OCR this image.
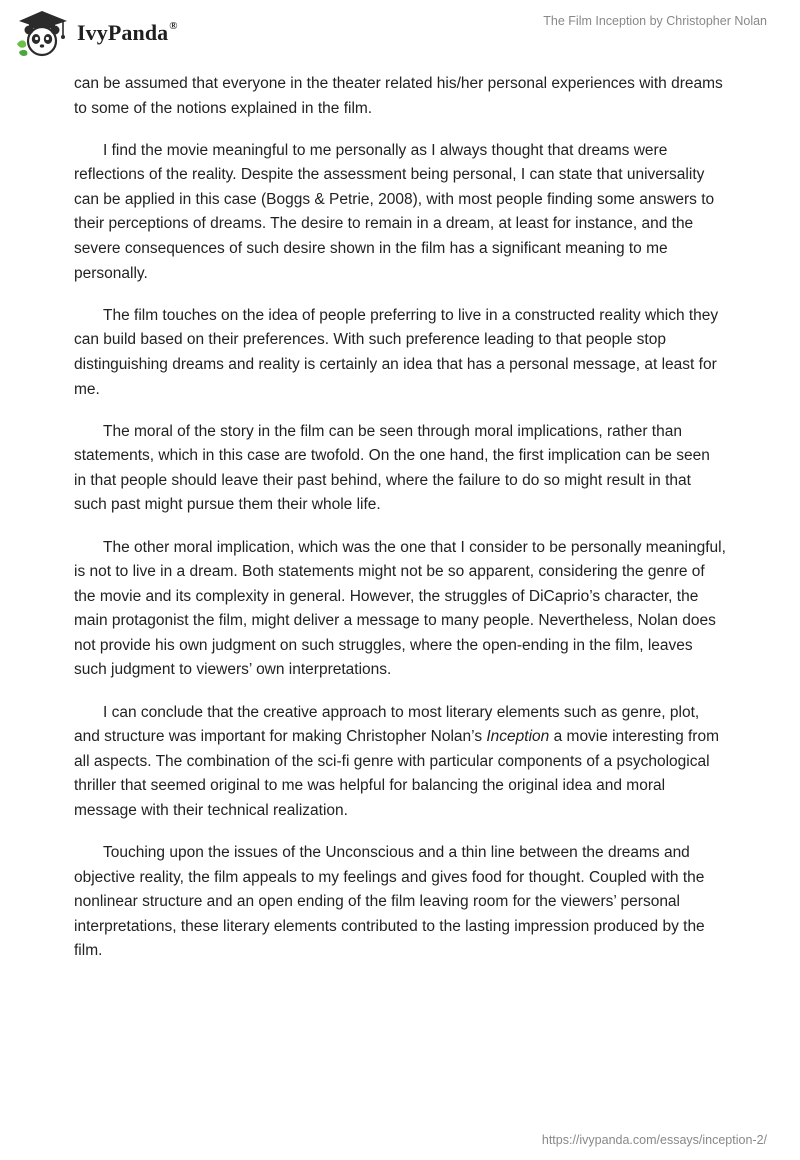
IvyPanda®	The Film Inception by Christopher Nolan

can be assumed that everyone in the theater related his/her personal experiences with dreams to some of the notions explained in the film.

I find the movie meaningful to me personally as I always thought that dreams were reflections of the reality. Despite the assessment being personal, I can state that universality can be applied in this case (Boggs & Petrie, 2008), with most people finding some answers to their perceptions of dreams. The desire to remain in a dream, at least for instance, and the severe consequences of such desire shown in the film has a significant meaning to me personally.

The film touches on the idea of people preferring to live in a constructed reality which they can build based on their preferences. With such preference leading to that people stop distinguishing dreams and reality is certainly an idea that has a personal message, at least for me.

The moral of the story in the film can be seen through moral implications, rather than statements, which in this case are twofold. On the one hand, the first implication can be seen in that people should leave their past behind, where the failure to do so might result in that such past might pursue them their whole life.

The other moral implication, which was the one that I consider to be personally meaningful, is not to live in a dream. Both statements might not be so apparent, considering the genre of the movie and its complexity in general. However, the struggles of DiCaprio’s character, the main protagonist the film, might deliver a message to many people. Nevertheless, Nolan does not provide his own judgment on such struggles, where the open-ending in the film, leaves such judgment to viewers’ own interpretations.

I can conclude that the creative approach to most literary elements such as genre, plot, and structure was important for making Christopher Nolan’s Inception a movie interesting from all aspects. The combination of the sci-fi genre with particular components of a psychological thriller that seemed original to me was helpful for balancing the original idea and moral message with their technical realization.

Touching upon the issues of the Unconscious and a thin line between the dreams and objective reality, the film appeals to my feelings and gives food for thought. Coupled with the nonlinear structure and an open ending of the film leaving room for the viewers’ personal interpretations, these literary elements contributed to the lasting impression produced by the film.

https://ivypanda.com/essays/inception-2/
